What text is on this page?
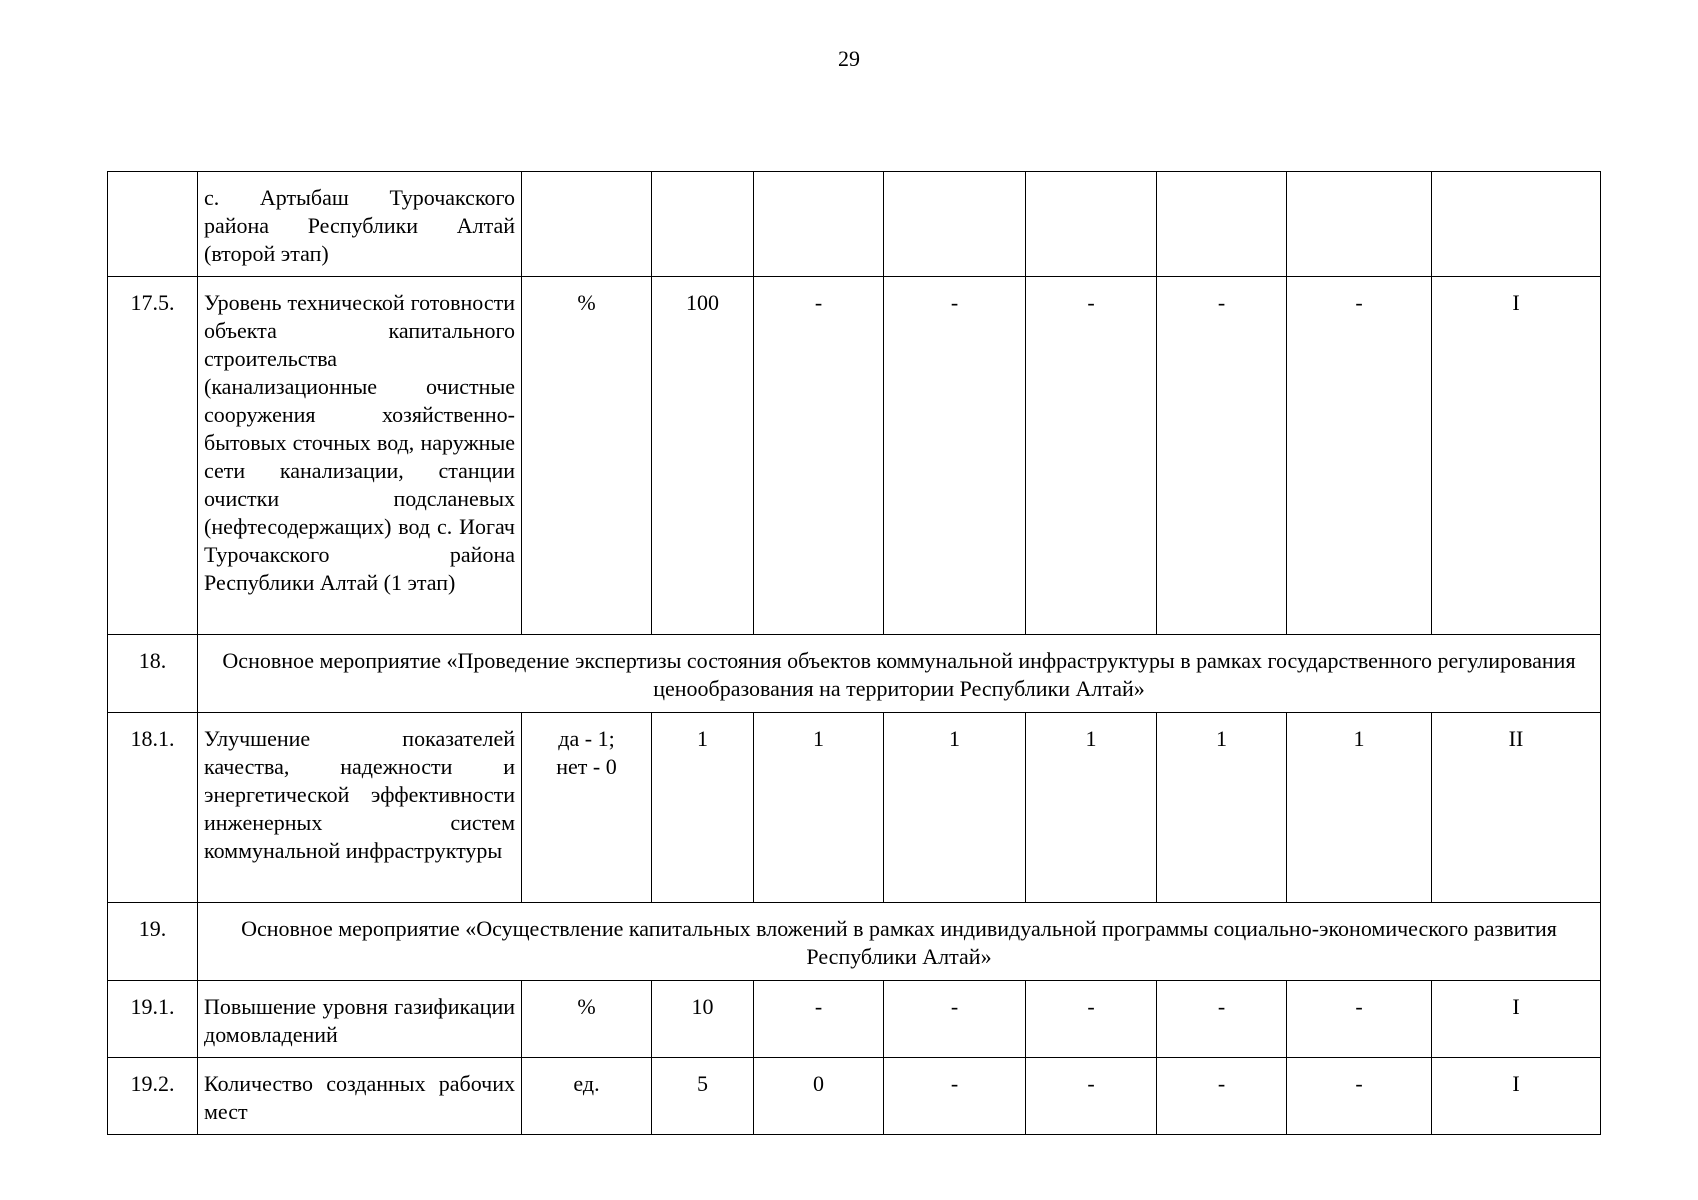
29
	с. Артыбаш Турочакского района Республики Алтай (второй этап)								
17.5.	Уровень технической готовности объекта капитального строительства (канализационные очистные сооружения хозяйственно-бытовых сточных вод, наружные сети канализации, станции очистки подсланевых (нефтесодержащих) вод с. Иогач Турочакского района Республики Алтай (1 этап)	%	100	-	-	-	-	-	I
18.	Основное мероприятие «Проведение экспертизы состояния объектов коммунальной инфраструктуры в рамках государственного регулирования ценообразования на территории Республики Алтай»								
18.1.	Улучшение показателей качества, надежности и энергетической эффективности инженерных систем коммунальной инфраструктуры	да - 1;
нет - 0	1	1	1	1	1	1	II
19.	Основное мероприятие «Осуществление капитальных вложений в рамках индивидуальной программы социально-экономического развития Республики Алтай»								
19.1.	Повышение уровня газификации домовладений	%	10	-	-	-	-	-	I
19.2.	Количество созданных рабочих мест	ед.	5	0	-	-	-	-	I
